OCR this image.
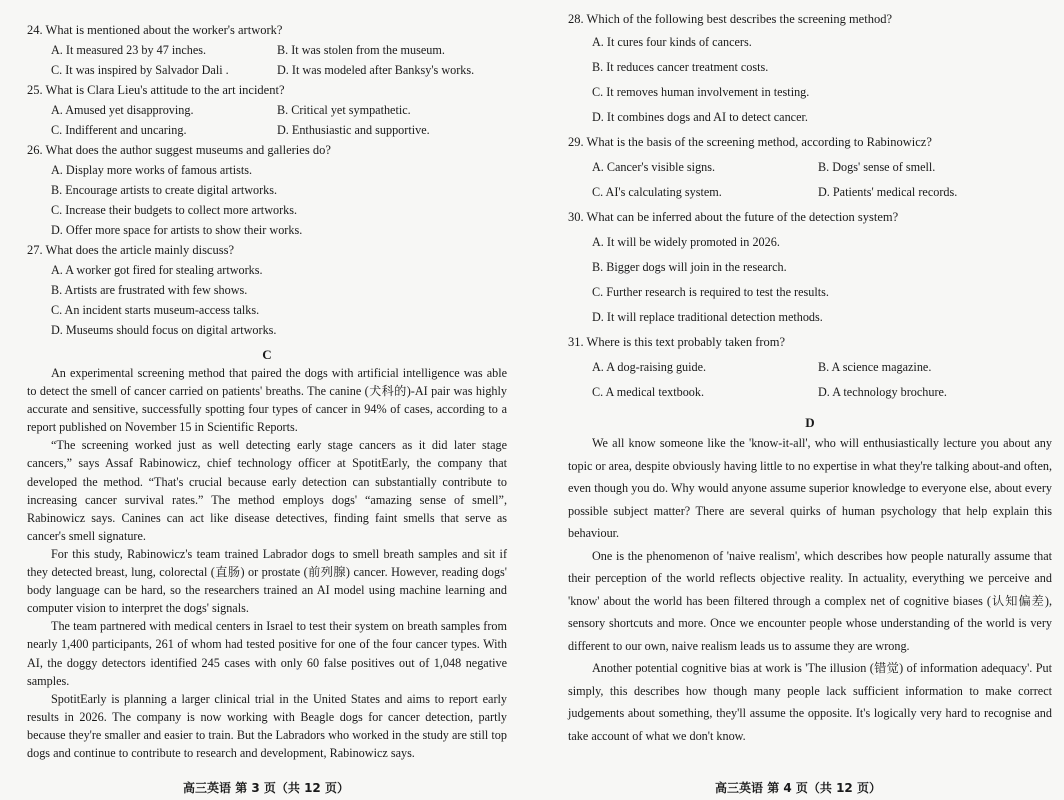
24. What is mentioned about the worker's artwork?
A. It measured 23 by 47 inches.	B. It was stolen from the museum.
C. It was inspired by Salvador Dali .	D. It was modeled after Banksy's works.
25. What is Clara Lieu's attitude to the art incident?
A. Amused yet disapproving.	B. Critical yet sympathetic.
C. Indifferent and uncaring.	D. Enthusiastic and supportive.
26. What does the author suggest museums and galleries do?
A. Display more works of famous artists.
B. Encourage artists to create digital artworks.
C. Increase their budgets to collect more artworks.
D. Offer more space for artists to show their works.
27. What does the article mainly discuss?
A. A worker got fired for stealing artworks.
B. Artists are frustrated with few shows.
C. An incident starts museum-access talks.
D. Museums should focus on digital artworks.
C

An experimental screening method that paired the dogs with artificial intelligence was able to detect the smell of cancer carried on patients' breaths. The canine (犬科的)-AI pair was highly accurate and sensitive, successfully spotting four types of cancer in 94% of cases, according to a report published on November 15 in Scientific Reports.

“The screening worked just as well detecting early stage cancers as it did later stage cancers,” says Assaf Rabinowicz, chief technology officer at SpotitEarly, the company that developed the method. “That's crucial because early detection can substantially contribute to increasing cancer survival rates.” The method employs dogs' “amazing sense of smell”, Rabinowicz says. Canines can act like disease detectives, finding faint smells that serve as cancer's smell signature.

For this study, Rabinowicz's team trained Labrador dogs to smell breath samples and sit if they detected breast, lung, colorectal (直肠) or prostate (前列腺) cancer. However, reading dogs' body language can be hard, so the researchers trained an AI model using machine learning and computer vision to interpret the dogs' signals.

The team partnered with medical centers in Israel to test their system on breath samples from nearly 1,400 participants, 261 of whom had tested positive for one of the four cancer types. With AI, the doggy detectors identified 245 cases with only 60 false positives out of 1,048 negative samples.

SpotitEarly is planning a larger clinical trial in the United States and aims to report early results in 2026. The company is now working with Beagle dogs for cancer detection, partly because they're smaller and easier to train. But the Labradors who worked in the study are still top dogs and continue to contribute to research and development, Rabinowicz says.

高三英语 第 3 页（共 12 页）
28. Which of the following best describes the screening method?
A. It cures four kinds of cancers.
B. It reduces cancer treatment costs.
C. It removes human involvement in testing.
D. It combines dogs and AI to detect cancer.
29. What is the basis of the screening method, according to Rabinowicz?
A. Cancer's visible signs.	B. Dogs' sense of smell.
C. AI's calculating system.	D. Patients' medical records.
30. What can be inferred about the future of the detection system?
A. It will be widely promoted in 2026.
B. Bigger dogs will join in the research.
C. Further research is required to test the results.
D. It will replace traditional detection methods.
31. Where is this text probably taken from?
A. A dog-raising guide.	B. A science magazine.
C. A medical textbook.	D. A technology brochure.
D

We all know someone like the 'know-it-all', who will enthusiastically lecture you about any topic or area, despite obviously having little to no expertise in what they're talking about-and often, even though you do. Why would anyone assume superior knowledge to everyone else, about every possible subject matter? There are several quirks of human psychology that help explain this behaviour.

One is the phenomenon of 'naive realism', which describes how people naturally assume that their perception of the world reflects objective reality. In actuality, everything we perceive and 'know' about the world has been filtered through a complex net of cognitive biases (认知偏差), sensory shortcuts and more. Once we encounter people whose understanding of the world is very different to our own, naive realism leads us to assume they are wrong.

Another potential cognitive bias at work is 'The illusion (错觉) of information adequacy'. Put simply, this describes how though many people lack sufficient information to make correct judgements about something, they'll assume the opposite. It's logically very hard to recognise and take account of what we don't know.

高三英语 第 4 页（共 12 页）
